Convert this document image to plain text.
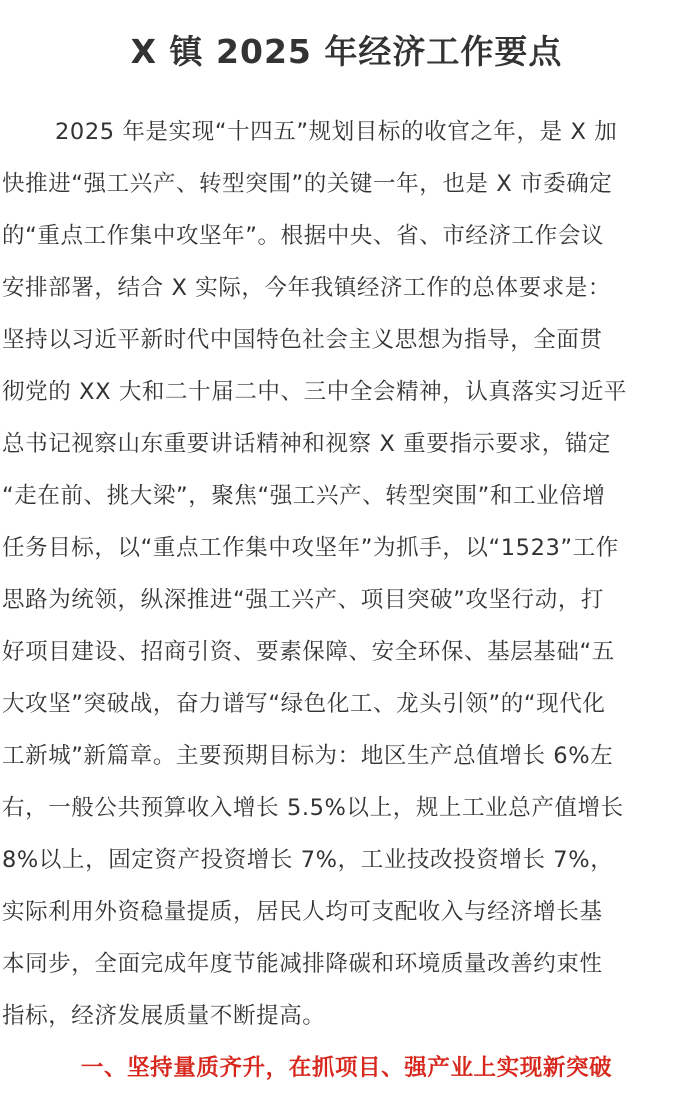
X 镇 2025 年经济工作要点
2025 年是实现“十四五”规划目标的收官之年，是 X 加
快推进“强工兴产、转型突围”的关键一年，也是 X 市委确定
的“重点工作集中攻坚年”。根据中央、省、市经济工作会议
安排部署，结合 X 实际，今年我镇经济工作的总体要求是：
坚持以习近平新时代中国特色社会主义思想为指导，全面贯
彻党的 XX 大和二十届二中、三中全会精神，认真落实习近平
总书记视察山东重要讲话精神和视察 X 重要指示要求，锚定
“走在前、挑大梁”，聚焦“强工兴产、转型突围”和工业倍增
任务目标，以“重点工作集中攻坚年”为抓手，以“1523”工作
思路为统领，纵深推进“强工兴产、项目突破”攻坚行动，打
好项目建设、招商引资、要素保障、安全环保、基层基础“五
大攻坚”突破战，奋力谱写“绿色化工、龙头引领”的“现代化
工新城”新篇章。主要预期目标为：地区生产总值增长 6%左
右，一般公共预算收入增长 5.5%以上，规上工业总产值增长
8%以上，固定资产投资增长 7%，工业技改投资增长 7%，
实际利用外资稳量提质，居民人均可支配收入与经济增长基
本同步，全面完成年度节能减排降碳和环境质量改善约束性
指标，经济发展质量不断提高。
一、坚持量质齐升，在抓项目、强产业上实现新突破
